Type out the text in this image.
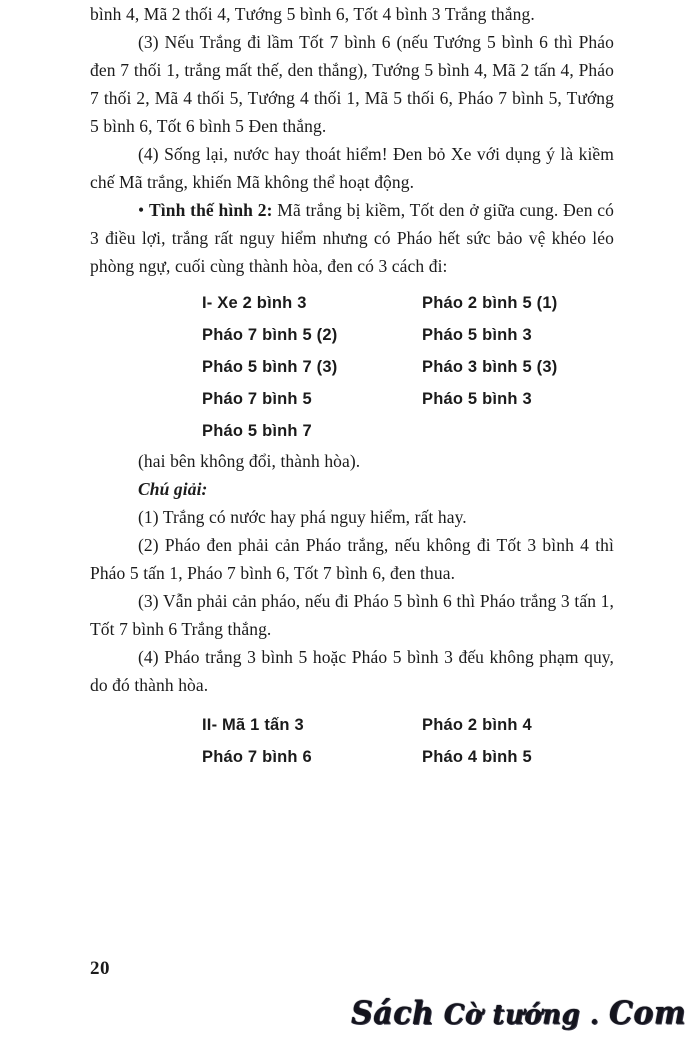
bình 4, Mã 2 thối 4, Tướng 5 bình 6, Tốt 4 bình 3 Trắng thắng.

(3) Nếu Trắng đi lầm Tốt 7 bình 6 (nếu Tướng 5 bình 6 thì Pháo đen 7 thối 1, trắng mất thế, den thắng), Tướng 5 bình 4, Mã 2 tấn 4, Pháo 7 thối 2, Mã 4 thối 5, Tướng 4 thối 1, Mã 5 thối 6, Pháo 7 bình 5, Tướng 5 bình 6, Tốt 6 bình 5 Đen thắng.

(4) Sống lại, nước hay thoát hiểm! Đen bỏ Xe với dụng ý là kiềm chế Mã trắng, khiến Mã không thể hoạt động.

• Tình thế hình 2: Mã trắng bị kiềm, Tốt den ở giữa cung. Đen có 3 điều lợi, trắng rất nguy hiểm nhưng có Pháo hết sức bảo vệ khéo léo phòng ngự, cuối cùng thành hòa, đen có 3 cách đi:

I- Xe 2 bình 3	Pháo 2 bình 5 (1)
Pháo 7 bình 5 (2)	Pháo 5 bình 3
Pháo 5 bình 7 (3)	Pháo 3 bình 5 (3)
Pháo 7 bình 5	Pháo 5 bình 3
Pháo 5 bình 7

(hai bên không đổi, thành hòa).

Chú giải:

(1) Trắng có nước hay phá nguy hiểm, rất hay.

(2) Pháo đen phải cản Pháo trắng, nếu không đi Tốt 3 bình 4 thì Pháo 5 tấn 1, Pháo 7 bình 6, Tốt 7 bình 6, đen thua.

(3) Vẫn phải cản pháo, nếu đi Pháo 5 bình 6 thì Pháo trắng 3 tấn 1, Tốt 7 bình 6 Trắng thắng.

(4) Pháo trắng 3 bình 5 hoặc Pháo 5 bình 3 đếu không phạm quy, do đó thành hòa.

II- Mã 1 tấn 3	Pháo 2 bình 4
Pháo 7 bình 6	Pháo 4 bình 5
20
Sách Cờ tướng . Com
